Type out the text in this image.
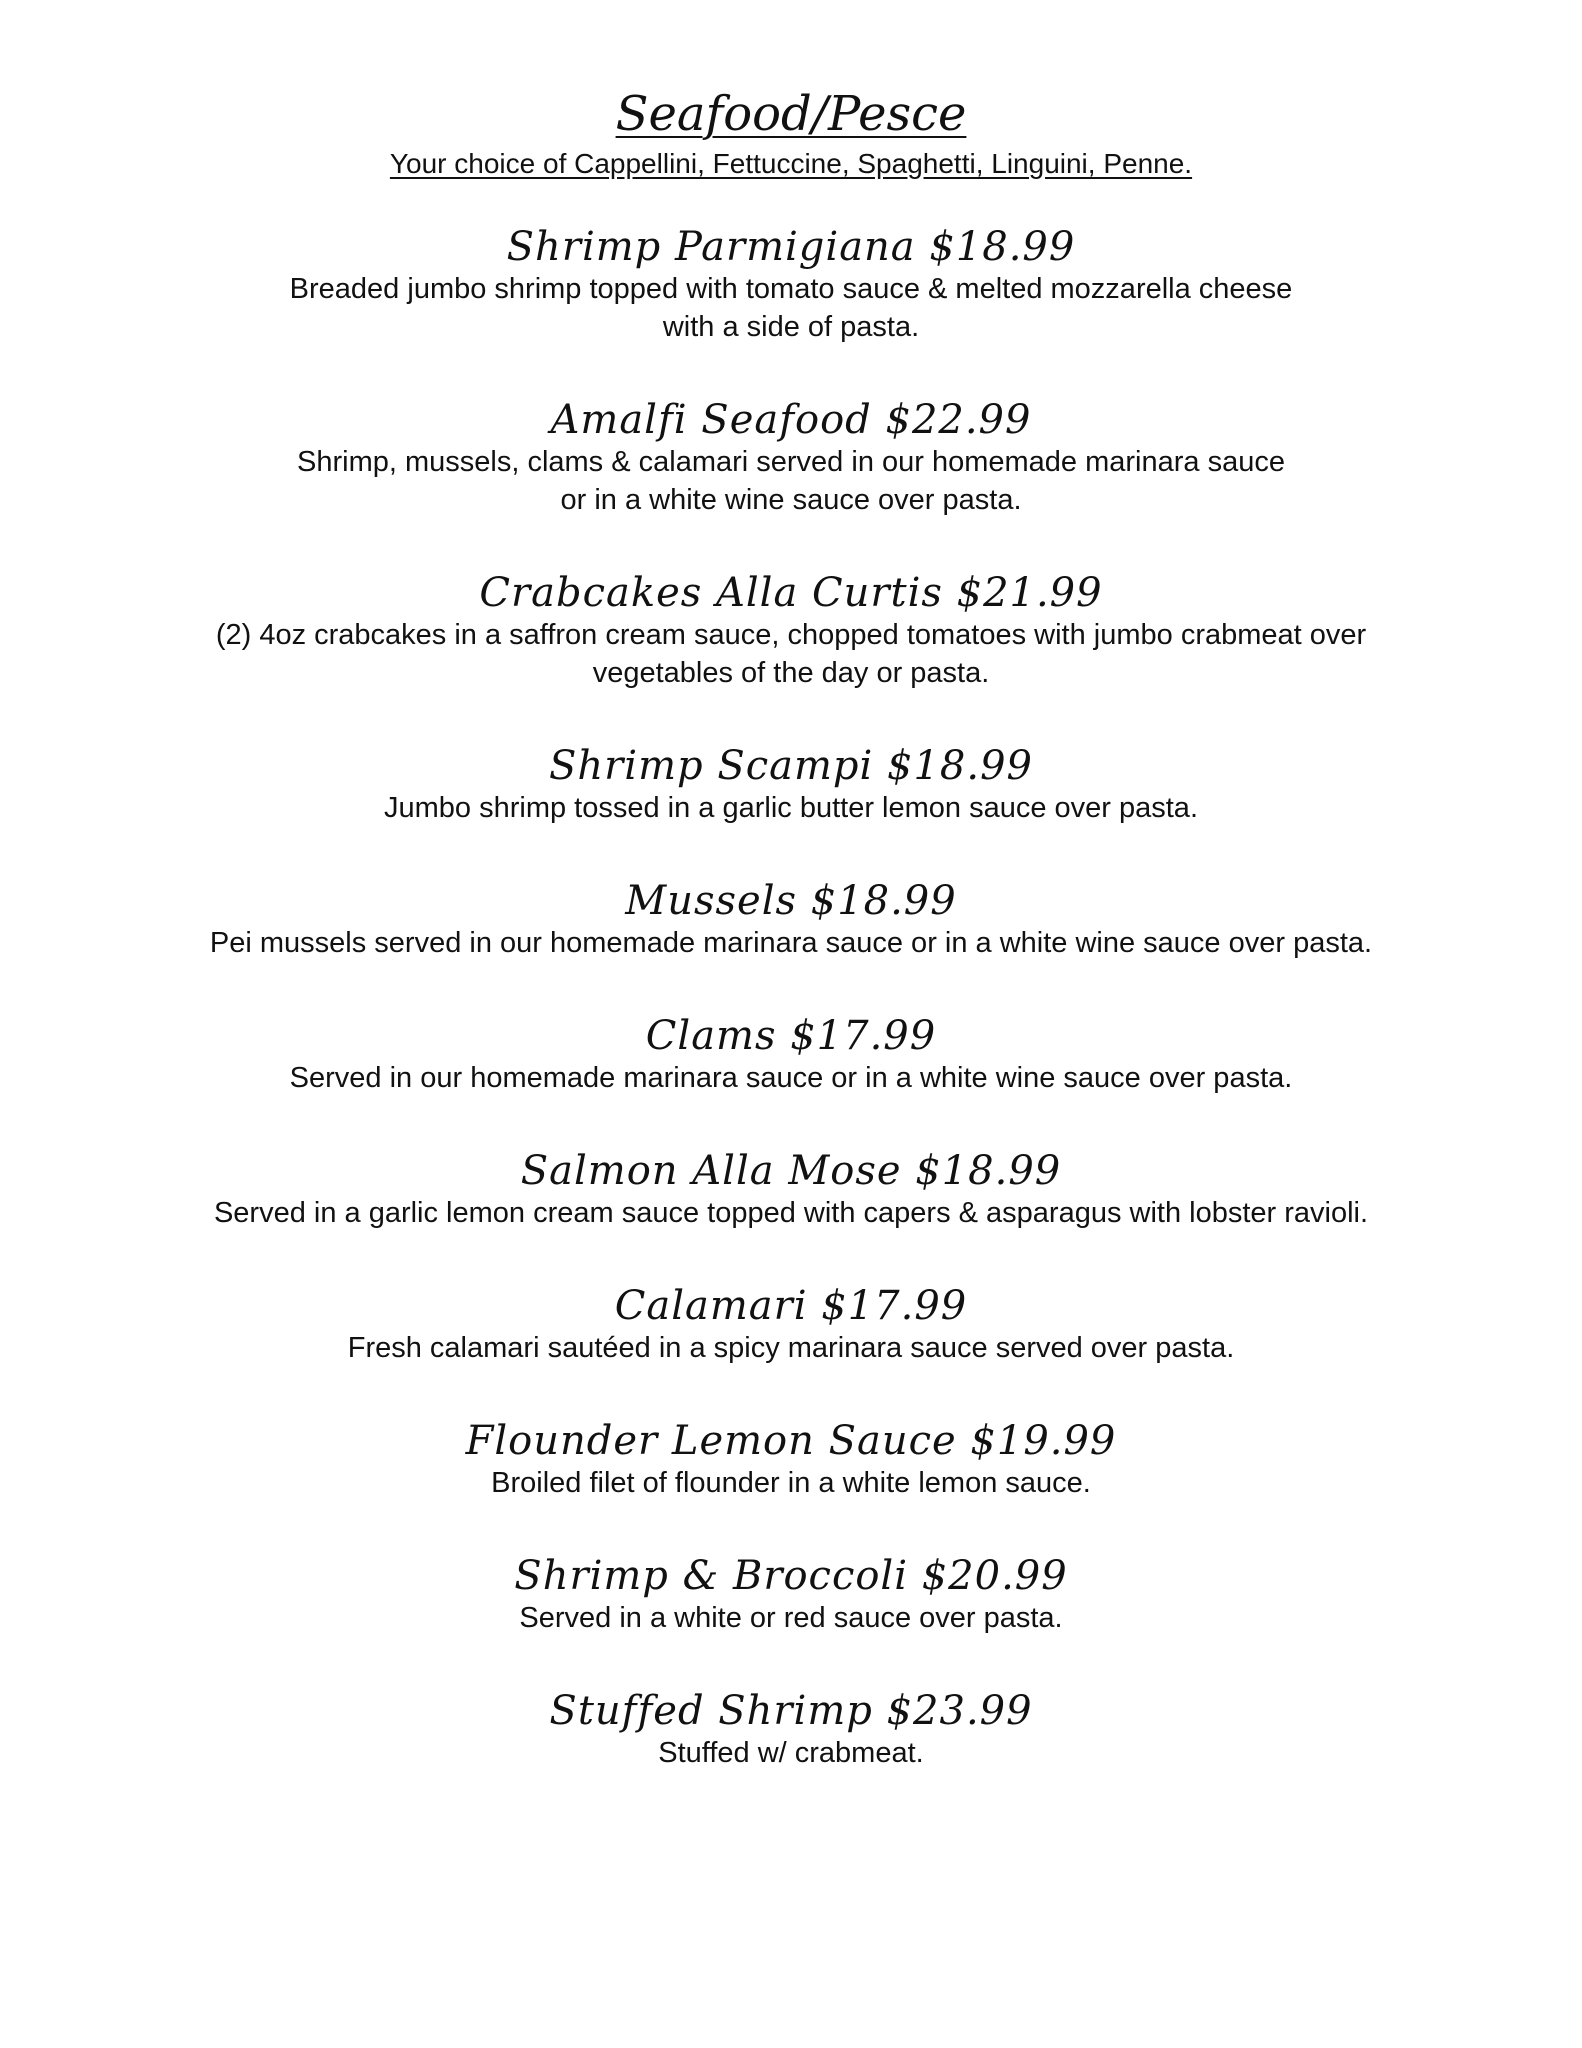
Seafood/Pesce

Your choice of Cappellini, Fettuccine, Spaghetti, Linguini, Penne.

Shrimp Parmigiana $18.99

Breaded jumbo shrimp topped with tomato sauce & melted mozzarella cheese
with a side of pasta.

Amalfi Seafood $22.99

Shrimp, mussels, clams & calamari served in our homemade marinara sauce
or in a white wine sauce over pasta.

Crabcakes Alla Curtis $21.99

(2) 4oz crabcakes in a saffron cream sauce, chopped tomatoes with jumbo crabmeat over
vegetables of the day or pasta.

Shrimp Scampi $18.99

Jumbo shrimp tossed in a garlic butter lemon sauce over pasta.

Mussels $18.99

Pei mussels served in our homemade marinara sauce or in a white wine sauce over pasta.

Clams $17.99

Served in our homemade marinara sauce or in a white wine sauce over pasta.

Salmon Alla Mose $18.99

Served in a garlic lemon cream sauce topped with capers & asparagus with lobster ravioli.

Calamari $17.99

Fresh calamari sautéed in a spicy marinara sauce served over pasta.

Flounder Lemon Sauce $19.99

Broiled filet of flounder in a white lemon sauce.

Shrimp & Broccoli $20.99

Served in a white or red sauce over pasta.

Stuffed Shrimp $23.99

Stuffed w/ crabmeat.
